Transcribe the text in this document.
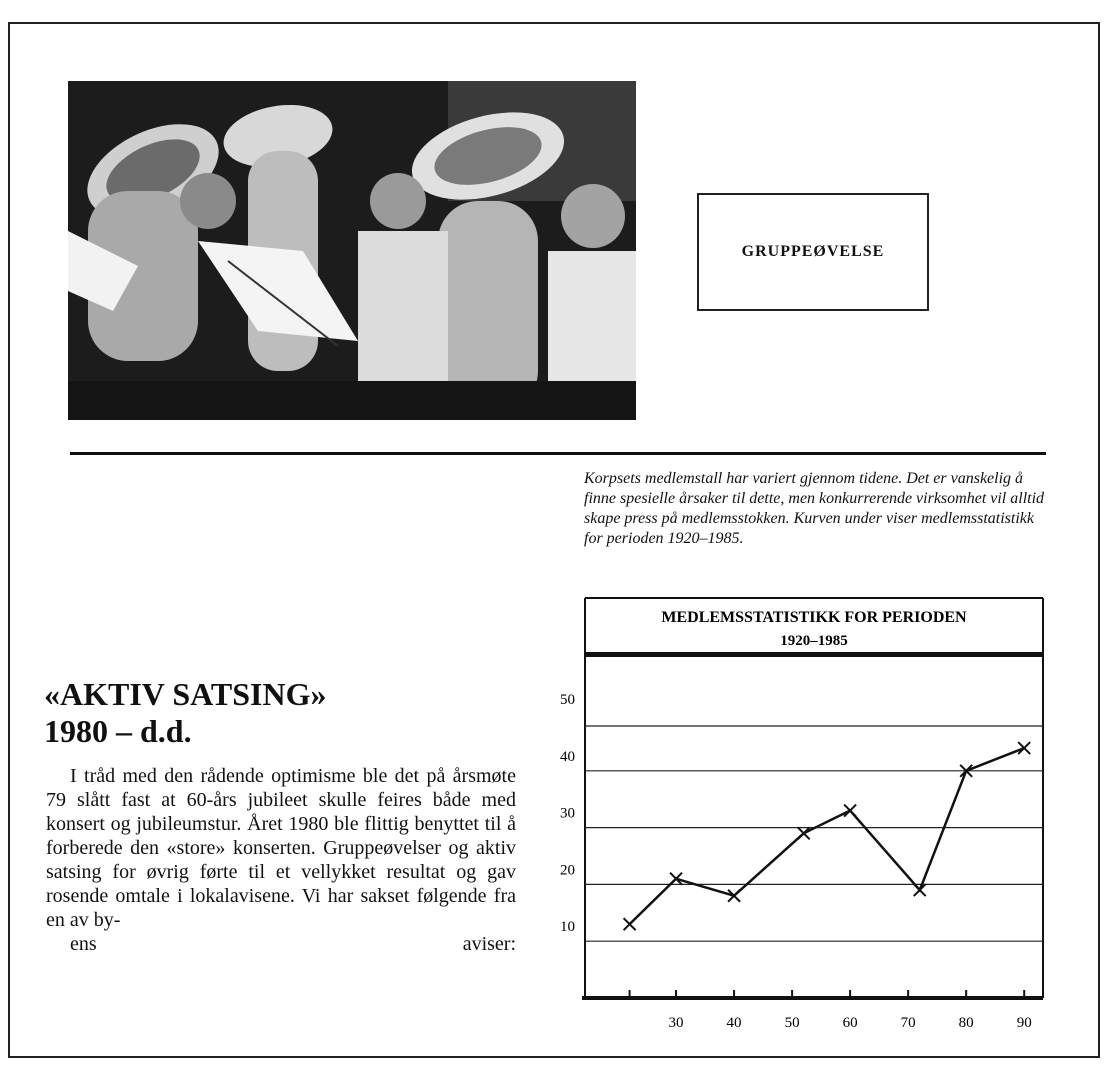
GRUPPEØVELSE
Korpsets medlemstall har variert gjennom tidene. Det er vanskelig å finne spesielle årsaker til dette, men konkurrerende virksomhet vil alltid skape press på medlemsstokken. Kurven under viser medlemsstatistikk for perioden 1920–1985.
«AKTIV SATSING»
1980 – d.d.
I tråd med den rådende optimisme ble det på årsmøte 79 slått fast at 60-års jubileet skulle feires både med konsert og jubileumstur. Året 1980 ble flittig benyttet til å forberede den «store» konserten. Gruppeøvelser og aktiv satsing for øvrig førte til et vellykket resultat og gav rosende omtale i lokalavisene. Vi har sakset følgende fra en av by-
ens	aviser:
MEDLEMSSTATISTIKK FOR PERIODEN
1920–1985
10
20
30
40
50
30	40	50	60	70	80	90
